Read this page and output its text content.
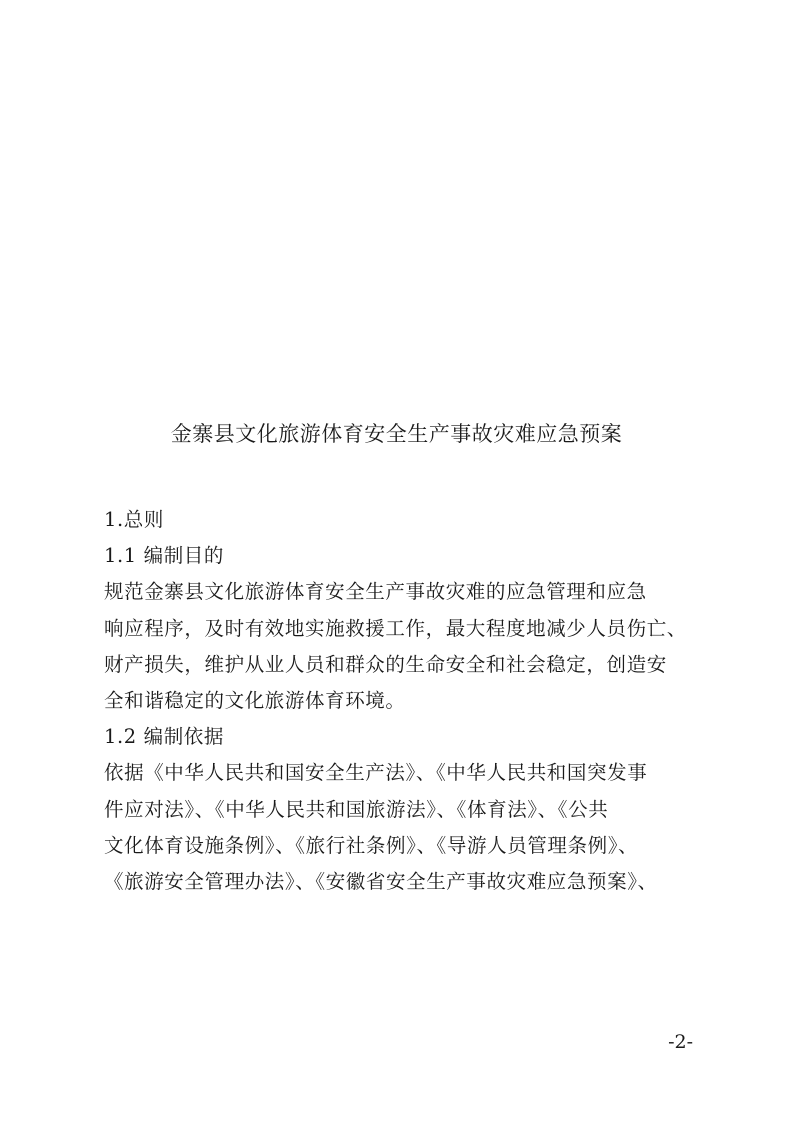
金寨县文化旅游体育安全生产事故灾难应急预案
1.总则
1.1 编制目的
规范金寨县文化旅游体育安全生产事故灾难的应急管理和应急
响应程序，及时有效地实施救援工作，最大程度地减少人员伤亡、
财产损失，维护从业人员和群众的生命安全和社会稳定，创造安
全和谐稳定的文化旅游体育环境。
1.2 编制依据
依据《中华人民共和国安全生产法》、《中华人民共和国突发事
件应对法》、《中华人民共和国旅游法》、《体育法》、《公共
文化体育设施条例》、《旅行社条例》、《导游人员管理条例》、
《旅游安全管理办法》、《安徽省安全生产事故灾难应急预案》、
-2-
